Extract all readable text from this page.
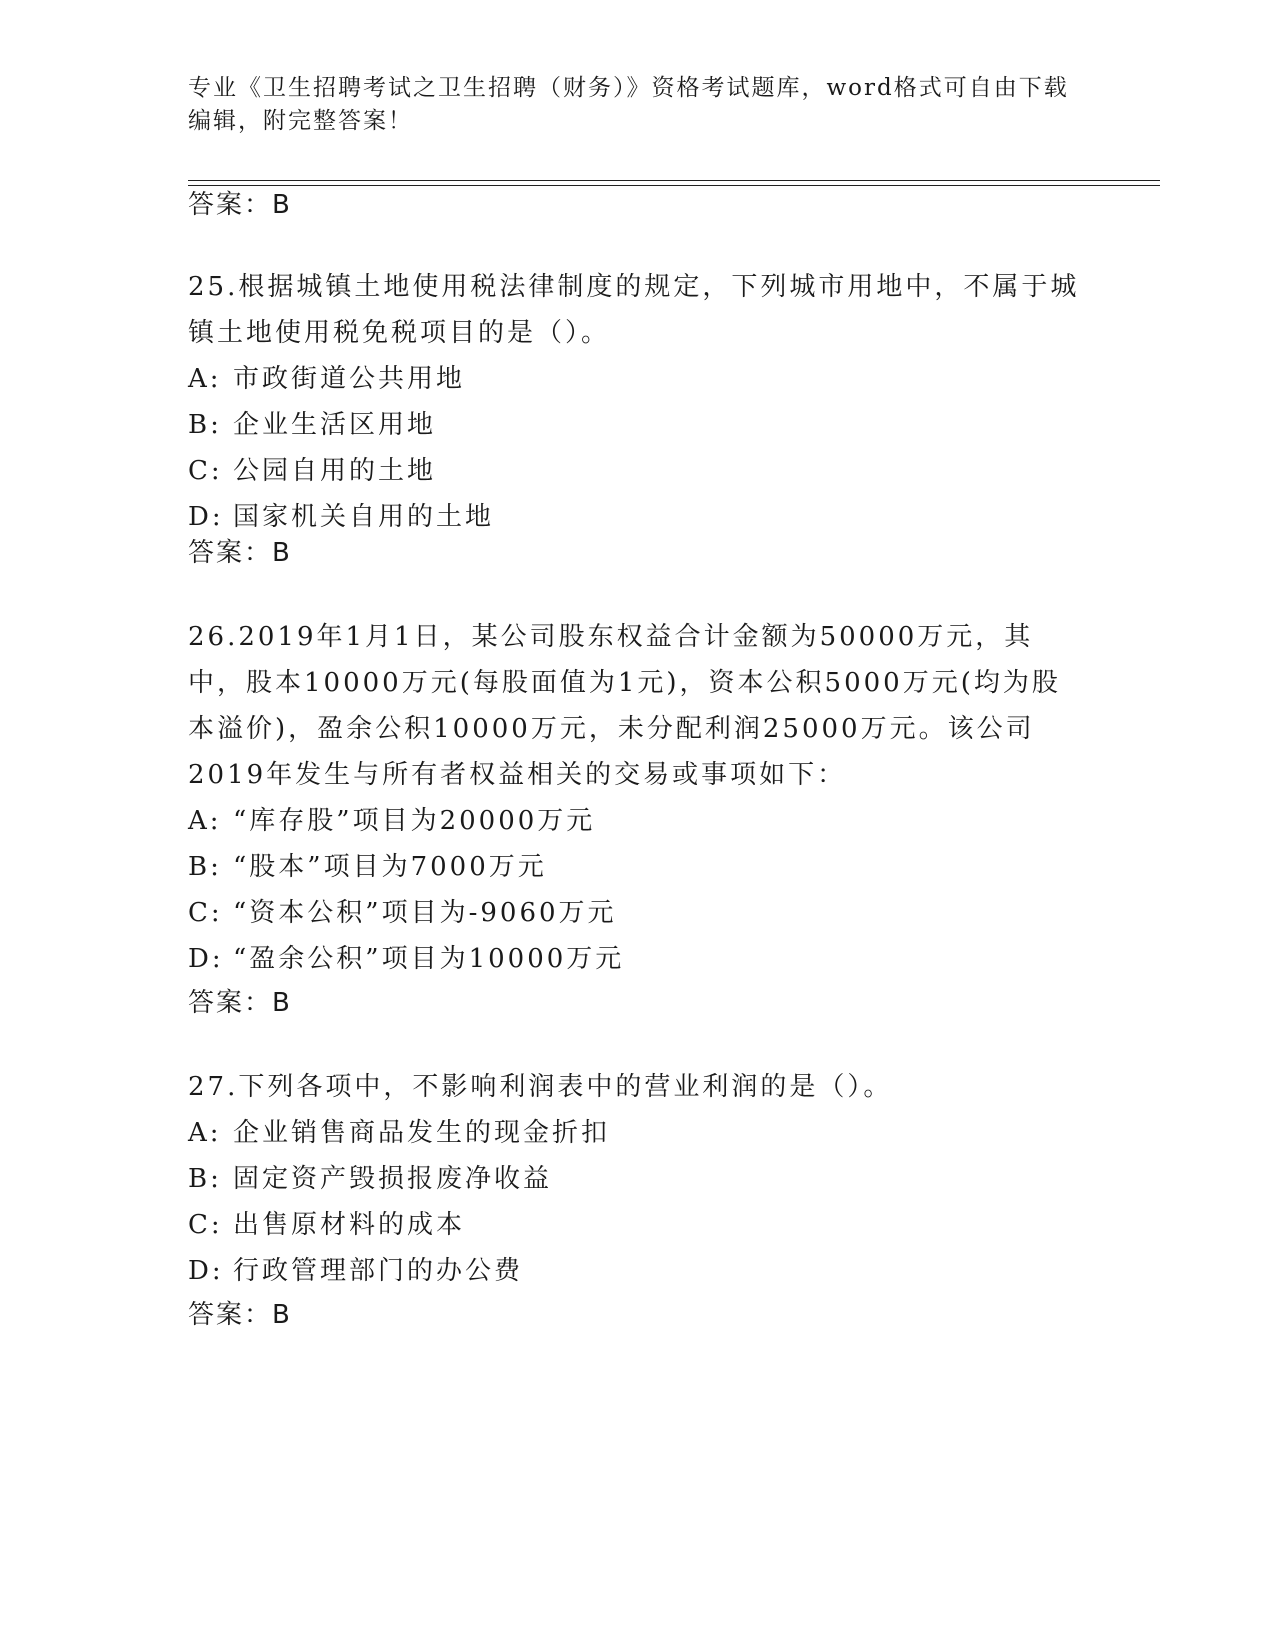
专业《卫生招聘考试之卫生招聘（财务）》资格考试题库，word格式可自由下载编辑，附完整答案！
答案：B

25.根据城镇土地使用税法律制度的规定，下列城市用地中，不属于城镇土地使用税免税项目的是（）。

A: 市政街道公共用地

B: 企业生活区用地

C: 公园自用的土地

D: 国家机关自用的土地

答案：B

26.2019年1月1日，某公司股东权益合计金额为50000万元，其中，股本10000万元(每股面值为1元)，资本公积5000万元(均为股本溢价)，盈余公积10000万元，未分配利润25000万元。该公司2019年发生与所有者权益相关的交易或事项如下：

A: “库存股”项目为20000万元

B: “股本”项目为7000万元

C: “资本公积”项目为-9060万元

D: “盈余公积”项目为10000万元

答案：B

27.下列各项中，不影响利润表中的营业利润的是（）。

A: 企业销售商品发生的现金折扣

B: 固定资产毁损报废净收益

C: 出售原材料的成本

D: 行政管理部门的办公费

答案：B
